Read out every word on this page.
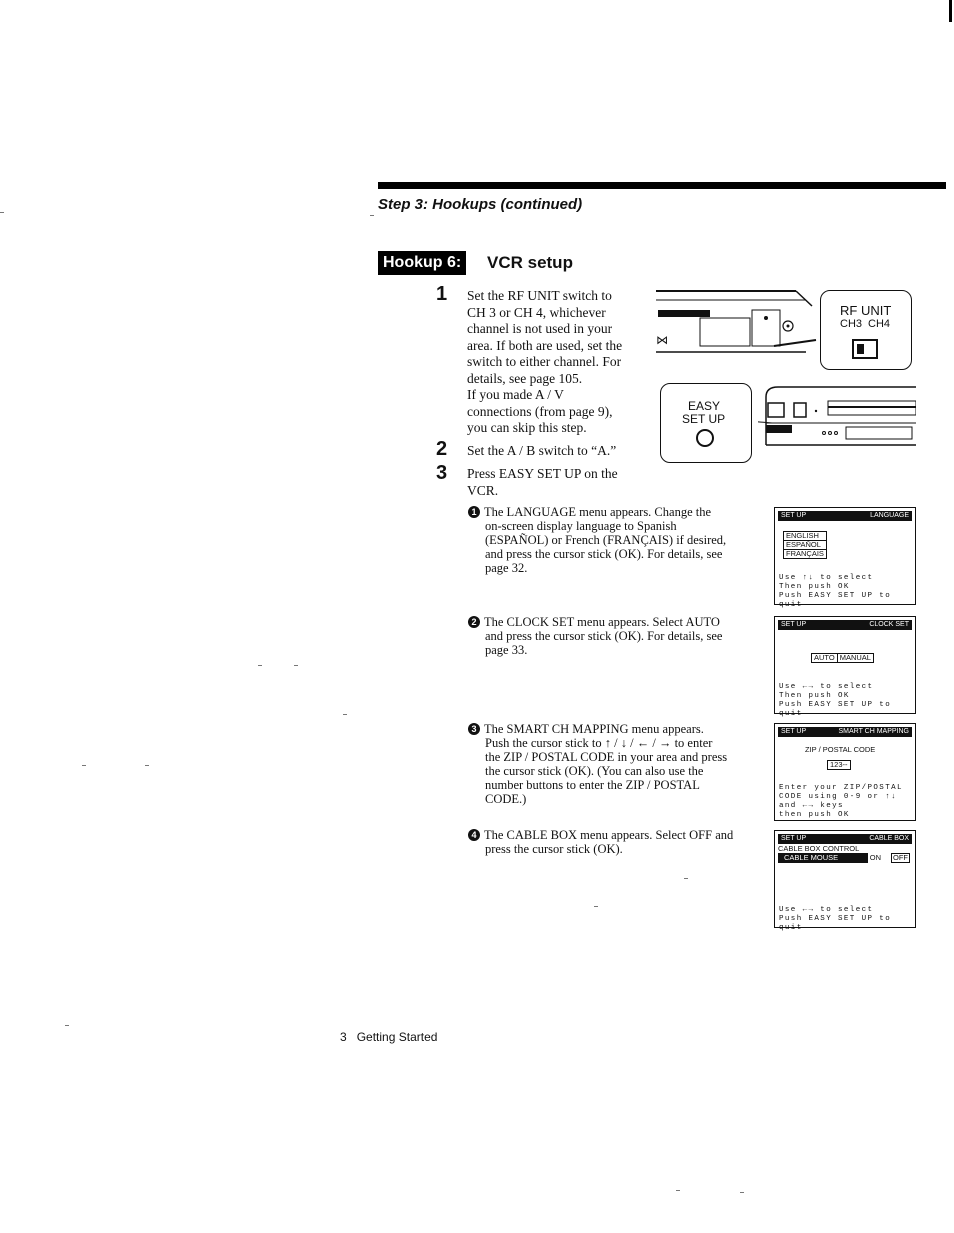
Step 3: Hookups (continued)
Hookup 6: VCR setup
1 Set the RF UNIT switch to
CH 3 or CH 4, whichever
channel is not used in your
area. If both are used, set the
switch to either channel. For
details, see page 105.
If you made A / V
connections (from page 9),
you can skip this step.
2 Set the A / B switch to “A.”
3 Press EASY SET UP on the
VCR.
1 The LANGUAGE menu appears. Change the
on-screen display language to Spanish
(ESPAÑOL) or French (FRANÇAIS) if desired,
and press the cursor stick (OK). For details, see
page 32.
2 The CLOCK SET menu appears. Select AUTO
and press the cursor stick (OK). For details, see
page 33.
3 The SMART CH MAPPING menu appears.
Push the cursor stick to ↑ / ↓ / ← / → to enter
the ZIP / POSTAL CODE in your area and press
the cursor stick (OK). (You can also use the
number buttons to enter the ZIP / POSTAL
CODE.)
4 The CABLE BOX menu appears. Select OFF and
press the cursor stick (OK).
⋈
RF UNIT
CH3 CH4
EASY
SET UP
SET UP	LANGUAGE
ENGLISH
ESPAÑOL
FRANÇAIS
Use ↑↓ to select
Then push OK
Push EASY SET UP to quit
SET UP	CLOCK SET
AUTO MANUAL
Use ←→ to select
Then push OK
Push EASY SET UP to quit
SET UP	SMART CH MAPPING
ZIP / POSTAL CODE
123--
Enter your ZIP/POSTAL
CODE using 0-9 or ↑↓
and ←→ keys
then push OK
SET UP	CABLE BOX
CABLE BOX CONTROL
CABLE MOUSE	ON OFF
Use ←→ to select
Push EASY SET UP to quit
3 Getting Started
